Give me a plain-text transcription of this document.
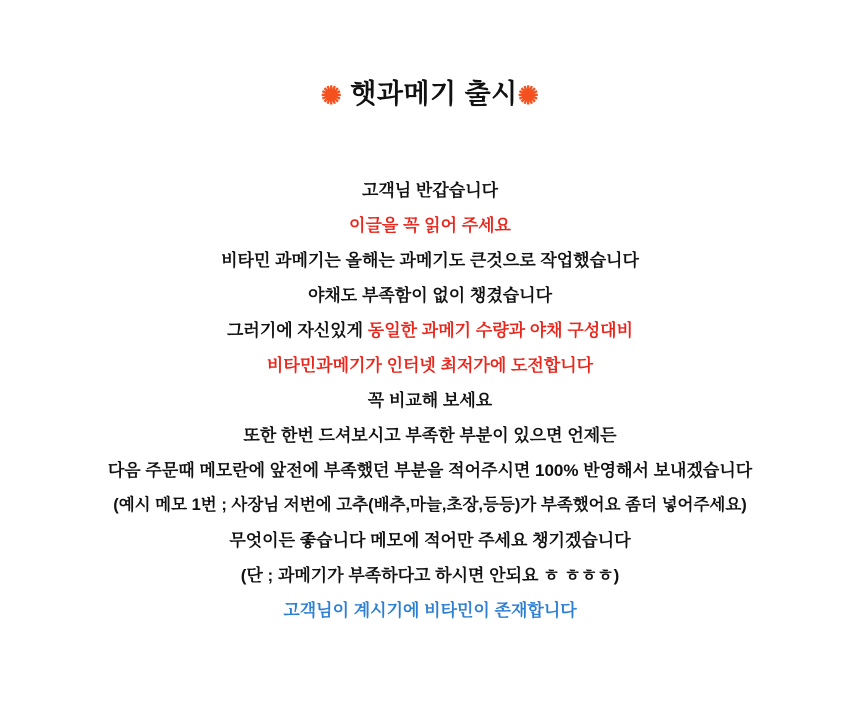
✺ 햇과메기 출시✺
고객님 반갑습니다
이글을 꼭 읽어 주세요
비타민 과메기는 올해는 과메기도 큰것으로 작업했습니다
야채도 부족함이 없이 챙겼습니다
그러기에 자신있게 동일한 과메기 수량과 야채 구성대비
비타민과메기가 인터넷 최저가에 도전합니다
꼭 비교해 보세요
또한 한번 드셔보시고 부족한 부분이 있으면 언제든
다음 주문때 메모란에 앞전에 부족했던 부분을 적어주시면 100% 반영해서 보내겠습니다
(예시 메모 1번 ; 사장님 저번에 고추(배추,마늘,초장,등등)가 부족했어요 좀더 넣어주세요)
무엇이든 좋습니다 메모에 적어만 주세요 챙기겠습니다
(단 ; 과메기가 부족하다고 하시면 안되요 ㅎ ㅎㅎㅎ)
고객님이 계시기에 비타민이 존재합니다
